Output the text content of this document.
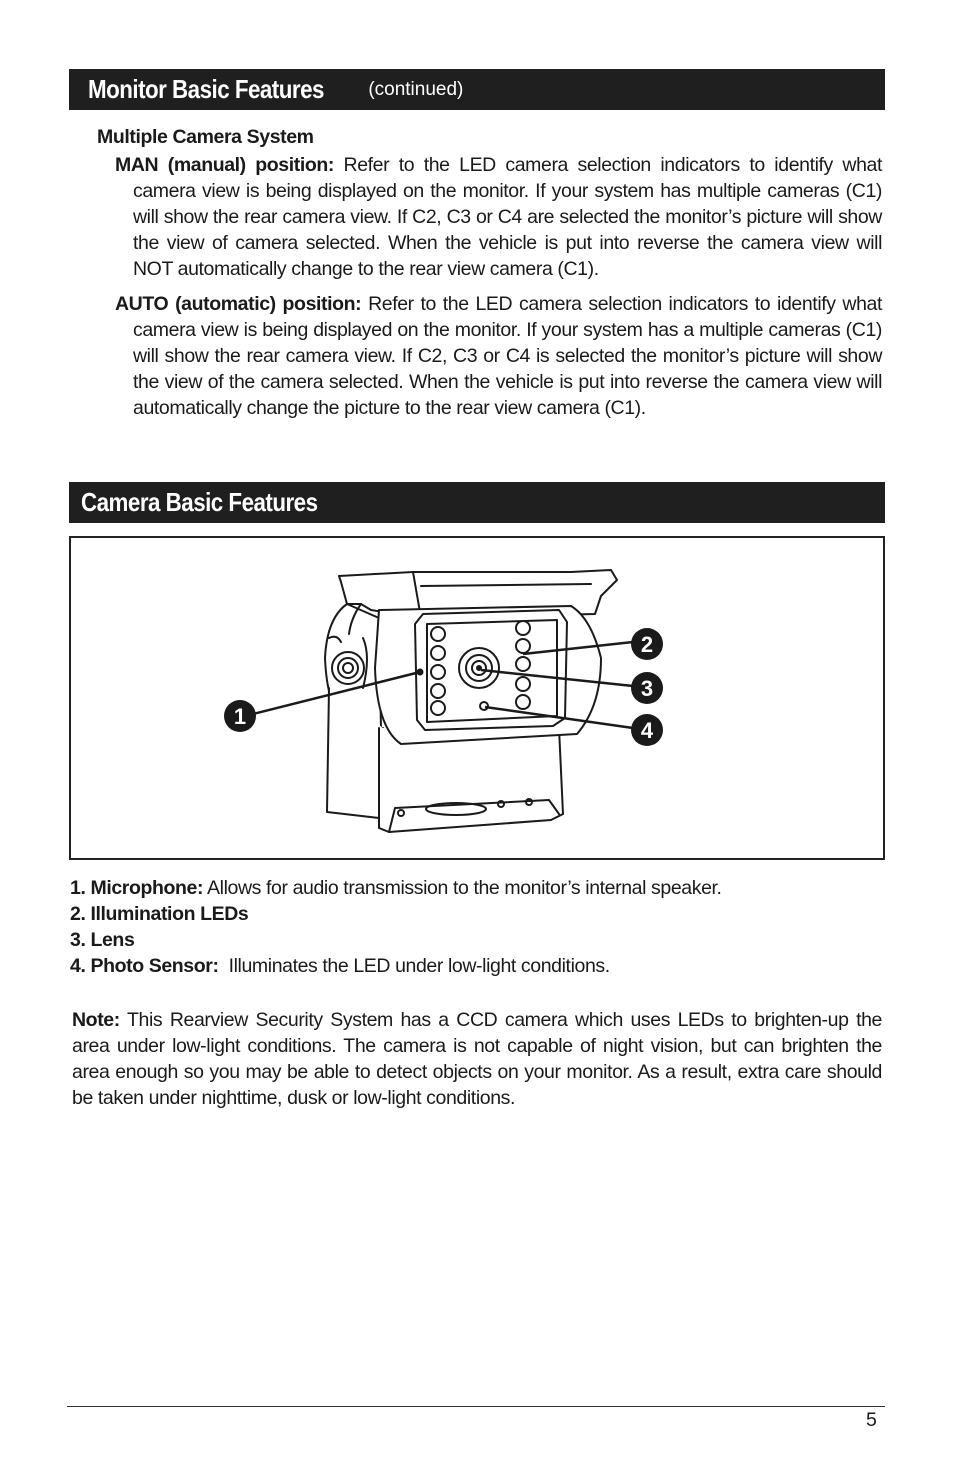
Monitor Basic Features (continued)
Multiple Camera System
MAN (manual) position: Refer to the LED camera selection indicators to identify what camera view is being displayed on the monitor. If your system has multiple cameras (C1) will show the rear camera view. If C2, C3 or C4 are selected the monitor’s picture will show the view of camera selected. When the vehicle is put into reverse the camera view will NOT automatically change to the rear view camera (C1).
AUTO (automatic) position: Refer to the LED camera selection indicators to identify what camera view is being displayed on the monitor. If your system has a multiple cameras (C1) will show the rear camera view. If C2, C3 or C4 is selected the monitor’s picture will show the view of the camera selected. When the vehicle is put into reverse the camera view will automatically change the picture to the rear view camera (C1).
Camera Basic Features
1
2
3
4
1. Microphone: Allows for audio transmission to the monitor’s internal speaker.
2. Illumination LEDs
3. Lens
4. Photo Sensor: Illuminates the LED under low-light conditions.
Note: This Rearview Security System has a CCD camera which uses LEDs to brighten-up the area under low-light conditions. The camera is not capable of night vision, but can brighten the area enough so you may be able to detect objects on your monitor. As a result, extra care should be taken under nighttime, dusk or low-light conditions.
5
